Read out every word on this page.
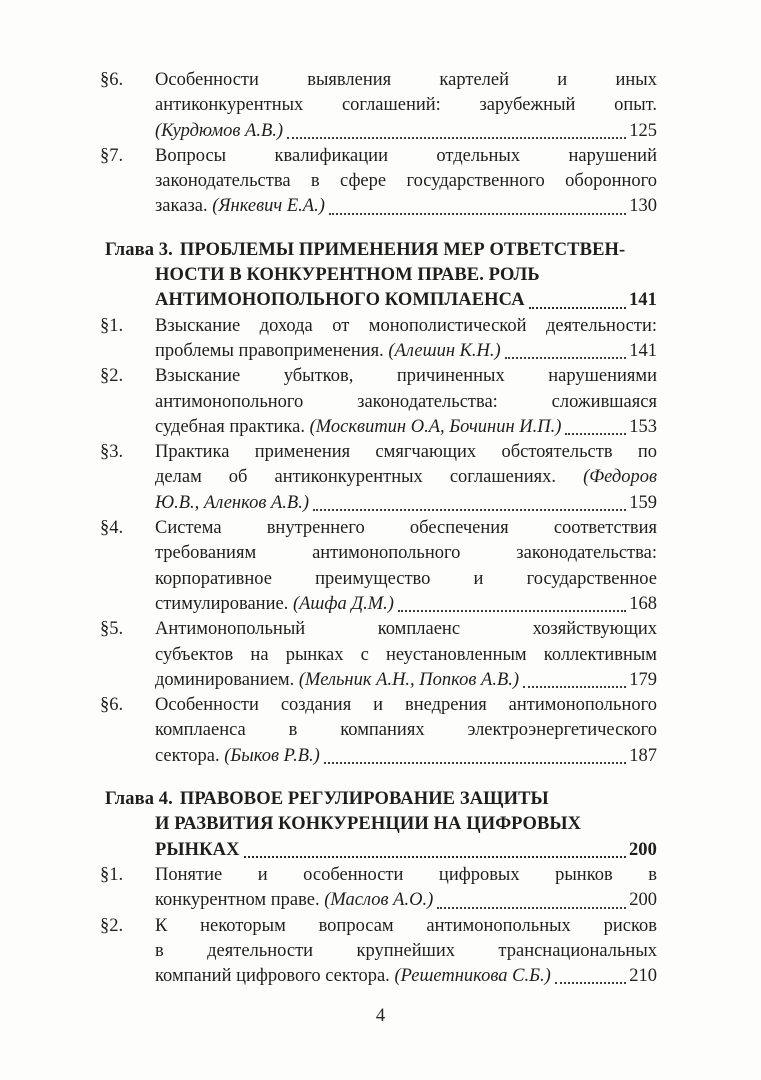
§6. Особенности выявления картелей и иных
антиконкурентных соглашений: зарубежный опыт.
(Курдюмов А.В.)	125
§7. Вопросы квалификации отдельных нарушений
законодательства в сфере государственного оборонного
заказа. (Янкевич Е.А.)	130
Глава 3. ПРОБЛЕМЫ ПРИМЕНЕНИЯ МЕР ОТВЕТСТВЕН-
НОСТИ В КОНКУРЕНТНОМ ПРАВЕ. РОЛЬ
АНТИМОНОПОЛЬНОГО КОМПЛАЕНСА	141
§1. Взыскание дохода от монополистической деятельности:
проблемы правоприменения. (Алешин К.Н.)	141
§2. Взыскание убытков, причиненных нарушениями
антимонопольного законодательства: сложившаяся
судебная практика. (Москвитин О.А, Бочинин И.П.)	153
§3. Практика применения смягчающих обстоятельств по
делам об антиконкурентных соглашениях. (Федоров
Ю.В., Аленков А.В.)	159
§4. Система внутреннего обеспечения соответствия
требованиям антимонопольного законодательства:
корпоративное преимущество и государственное
стимулирование. (Ашфа Д.М.)	168
§5. Антимонопольный комплаенс хозяйствующих
субъектов на рынках с неустановленным коллективным
доминированием. (Мельник А.Н., Попков А.В.)	179
§6. Особенности создания и внедрения антимонопольного
комплаенса в компаниях электроэнергетического
сектора. (Быков Р.В.)	187
Глава 4. ПРАВОВОЕ РЕГУЛИРОВАНИЕ ЗАЩИТЫ
И РАЗВИТИЯ КОНКУРЕНЦИИ НА ЦИФРОВЫХ
РЫНКАХ	200
§1. Понятие и особенности цифровых рынков в
конкурентном праве. (Маслов А.О.)	200
§2. К некоторым вопросам антимонопольных рисков
в деятельности крупнейших транснациональных
компаний цифрового сектора. (Решетникова С.Б.)	210
4
